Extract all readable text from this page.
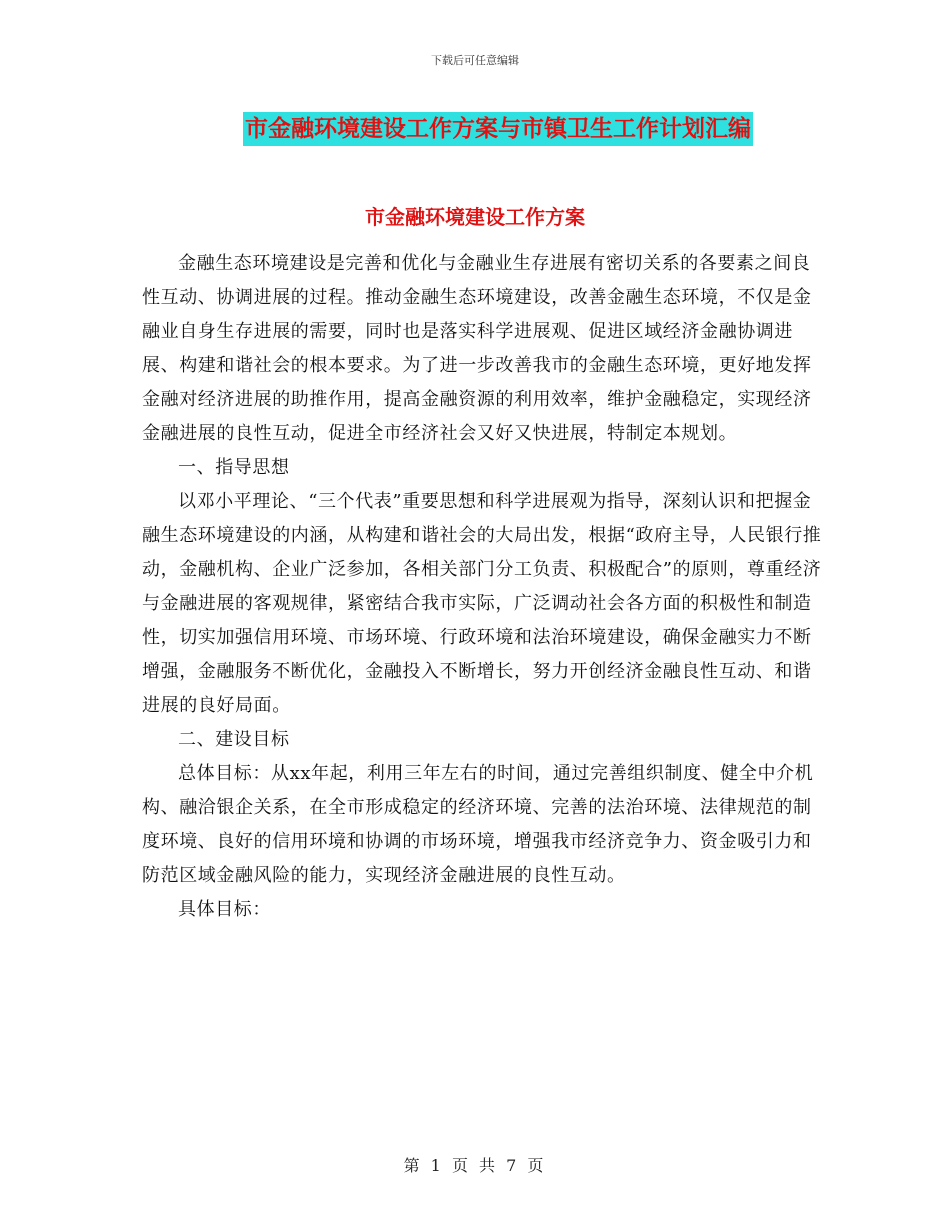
下载后可任意编辑
市金融环境建设工作方案与市镇卫生工作计划汇编
市金融环境建设工作方案

金融生态环境建设是完善和优化与金融业生存进展有密切关系的各要素之间良性互动、协调进展的过程。推动金融生态环境建设，改善金融生态环境，不仅是金融业自身生存进展的需要，同时也是落实科学进展观、促进区域经济金融协调进展、构建和谐社会的根本要求。为了进一步改善我市的金融生态环境，更好地发挥金融对经济进展的助推作用，提高金融资源的利用效率，维护金融稳定，实现经济金融进展的良性互动，促进全市经济社会又好又快进展，特制定本规划。

一、指导思想

以邓小平理论、“三个代表”重要思想和科学进展观为指导，深刻认识和把握金融生态环境建设的内涵，从构建和谐社会的大局出发，根据“政府主导，人民银行推动，金融机构、企业广泛参加，各相关部门分工负责、积极配合”的原则，尊重经济与金融进展的客观规律，紧密结合我市实际，广泛调动社会各方面的积极性和制造性，切实加强信用环境、市场环境、行政环境和法治环境建设，确保金融实力不断增强，金融服务不断优化，金融投入不断增长，努力开创经济金融良性互动、和谐进展的良好局面。

二、建设目标

总体目标：从xx年起，利用三年左右的时间，通过完善组织制度、健全中介机构、融洽银企关系，在全市形成稳定的经济环境、完善的法治环境、法律规范的制度环境、良好的信用环境和协调的市场环境，增强我市经济竞争力、资金吸引力和防范区域金融风险的能力，实现经济金融进展的良性互动。

具体目标：

第 1 页 共 7 页
